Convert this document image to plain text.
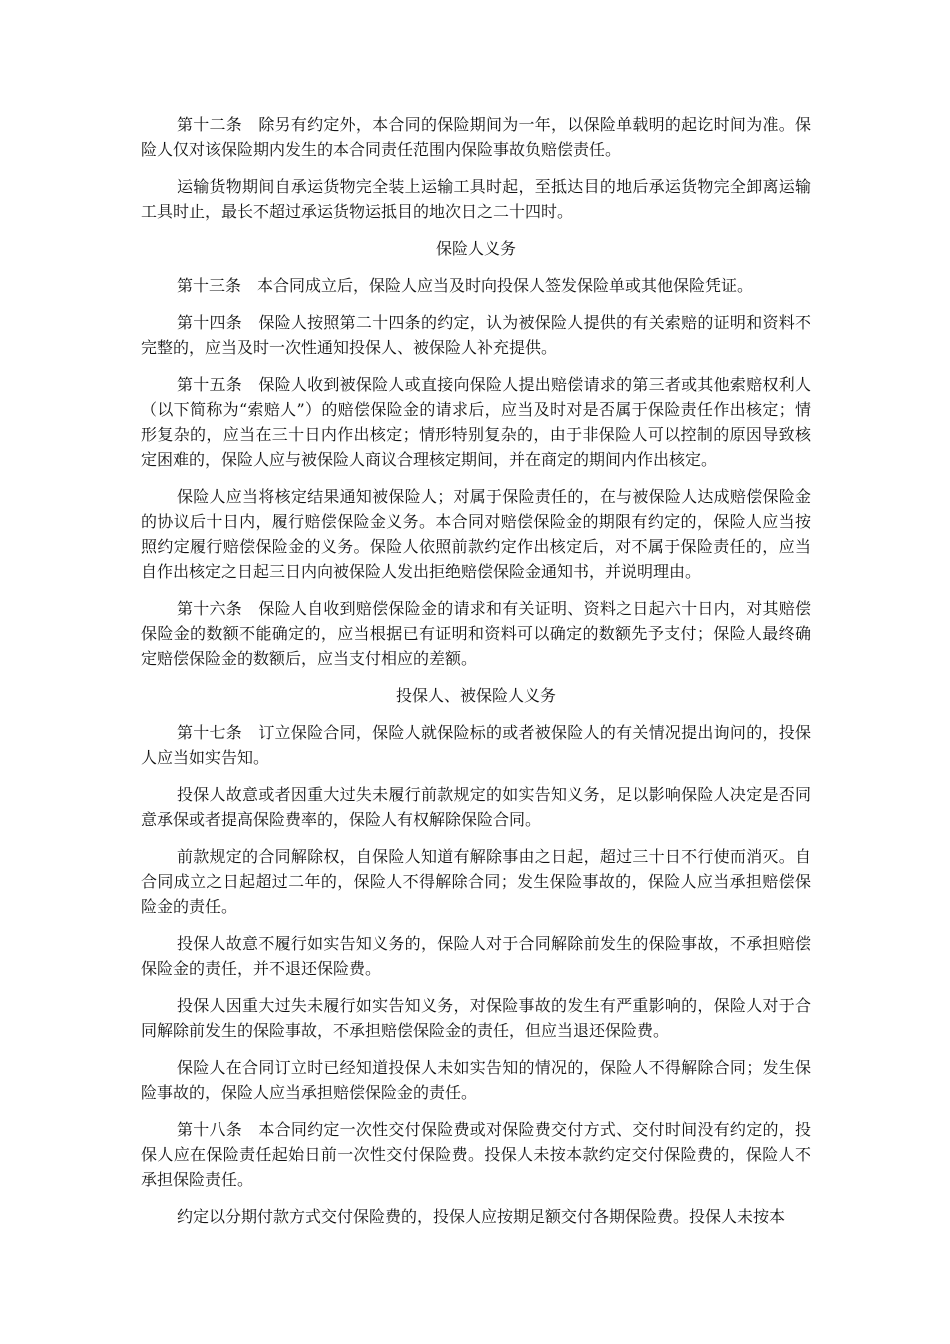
第十二条　除另有约定外，本合同的保险期间为一年，以保险单载明的起讫时间为准。保险人仅对该保险期内发生的本合同责任范围内保险事故负赔偿责任。

运输货物期间自承运货物完全装上运输工具时起，至抵达目的地后承运货物完全卸离运输工具时止，最长不超过承运货物运抵目的地次日之二十四时。

保险人义务

第十三条　本合同成立后，保险人应当及时向投保人签发保险单或其他保险凭证。

第十四条　保险人按照第二十四条的约定，认为被保险人提供的有关索赔的证明和资料不完整的，应当及时一次性通知投保人、被保险人补充提供。

第十五条　保险人收到被保险人或直接向保险人提出赔偿请求的第三者或其他索赔权利人（以下简称为“索赔人”）的赔偿保险金的请求后，应当及时对是否属于保险责任作出核定；情形复杂的，应当在三十日内作出核定；情形特别复杂的，由于非保险人可以控制的原因导致核定困难的，保险人应与被保险人商议合理核定期间，并在商定的期间内作出核定。

保险人应当将核定结果通知被保险人；对属于保险责任的，在与被保险人达成赔偿保险金的协议后十日内，履行赔偿保险金义务。本合同对赔偿保险金的期限有约定的，保险人应当按照约定履行赔偿保险金的义务。保险人依照前款约定作出核定后，对不属于保险责任的，应当自作出核定之日起三日内向被保险人发出拒绝赔偿保险金通知书，并说明理由。

第十六条　保险人自收到赔偿保险金的请求和有关证明、资料之日起六十日内，对其赔偿保险金的数额不能确定的，应当根据已有证明和资料可以确定的数额先予支付；保险人最终确定赔偿保险金的数额后，应当支付相应的差额。

投保人、被保险人义务

第十七条　订立保险合同，保险人就保险标的或者被保险人的有关情况提出询问的，投保人应当如实告知。

投保人故意或者因重大过失未履行前款规定的如实告知义务，足以影响保险人决定是否同意承保或者提高保险费率的，保险人有权解除保险合同。

前款规定的合同解除权，自保险人知道有解除事由之日起，超过三十日不行使而消灭。自合同成立之日起超过二年的，保险人不得解除合同；发生保险事故的，保险人应当承担赔偿保险金的责任。

投保人故意不履行如实告知义务的，保险人对于合同解除前发生的保险事故，不承担赔偿保险金的责任，并不退还保险费。

投保人因重大过失未履行如实告知义务，对保险事故的发生有严重影响的，保险人对于合同解除前发生的保险事故，不承担赔偿保险金的责任，但应当退还保险费。

保险人在合同订立时已经知道投保人未如实告知的情况的，保险人不得解除合同；发生保险事故的，保险人应当承担赔偿保险金的责任。

第十八条　本合同约定一次性交付保险费或对保险费交付方式、交付时间没有约定的，投保人应在保险责任起始日前一次性交付保险费。投保人未按本款约定交付保险费的，保险人不承担保险责任。

约定以分期付款方式交付保险费的，投保人应按期足额交付各期保险费。投保人未按本
